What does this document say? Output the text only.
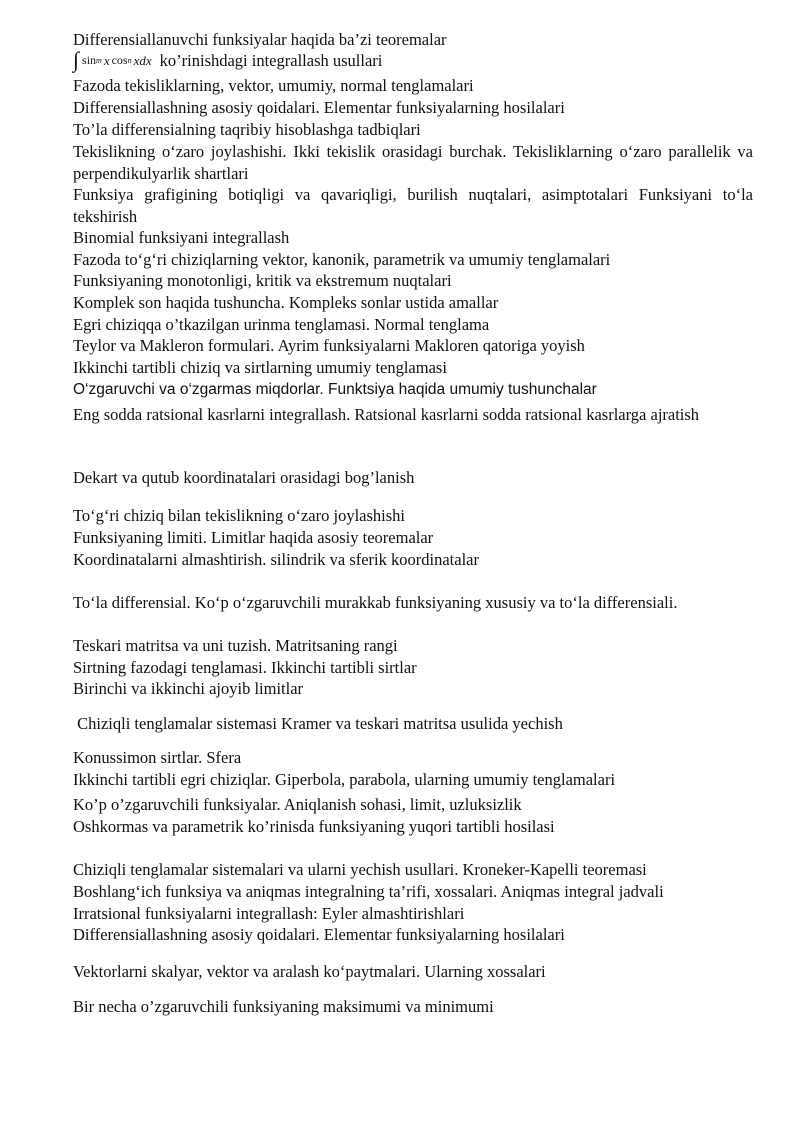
Differensiallanuvchi funksiyalar haqida ba’zi teoremalar
∫ sin m x cos n xdx ko’rinishdagi integrallash usullari
Fazoda tekisliklarning, vektor, umumiy, normal tenglamalari
Differensiallashning asosiy qoidalari. Elementar funksiyalarning hosilalari
To’la differensialning taqribiy hisoblashga tadbiqlari
Tekislikning o‘zaro joylashishi. Ikki tekislik orasidagi burchak. Tekisliklarning o‘zaro parallelik va perpendikulyarlik shartlari
Funksiya grafigining botiqligi va qavariqligi, burilish nuqtalari, asimptotalari Funksiyani to‘la tekshirish
Binomial funksiyani integrallash
Fazoda to‘g‘ri chiziqlarning vektor, kanonik, parametrik va umumiy tenglamalari
Funksiyaning monotonligi, kritik va ekstremum nuqtalari
Komplek son haqida tushuncha. Kompleks sonlar ustida amallar
Egri chiziqqa o’tkazilgan urinma tenglamasi. Normal tenglama
Teylor va Makleron formulari. Ayrim funksiyalarni Makloren qatoriga yoyish
Ikkinchi tartibli chiziq va sirtlarning umumiy tenglamasi
O‘zgaruvchi va o‘zgarmas miqdorlar. Funktsiya haqida umumiy tushunchalar
Eng sodda ratsional kasrlarni integrallash. Ratsional kasrlarni sodda ratsional kasrlarga ajratish
Dekart va qutub koordinatalari orasidagi bog’lanish
To‘g‘ri chiziq bilan tekislikning o‘zaro joylashishi
Funksiyaning limiti. Limitlar haqida asosiy teoremalar
Koordinatalarni almashtirish. silindrik va sferik koordinatalar
To‘la differensial. Ko‘p o‘zgaruvchili murakkab funksiyaning xususiy va to‘la differensiali.
Teskari matritsa va uni tuzish. Matritsaning rangi
Sirtning fazodagi tenglamasi. Ikkinchi tartibli sirtlar
Birinchi va ikkinchi ajoyib limitlar
Chiziqli tenglamalar sistemasi Kramer va teskari matritsa usulida yechish
Konussimon sirtlar. Sfera
Ikkinchi tartibli egri chiziqlar. Giperbola, parabola, ularning umumiy tenglamalari
Ko’p o’zgaruvchili funksiyalar. Aniqlanish sohasi, limit, uzluksizlik
Oshkormas va parametrik ko’rinisda funksiyaning yuqori tartibli hosilasi
Chiziqli tenglamalar sistemalari va ularni yechish usullari. Kroneker-Kapelli teoremasi
Boshlang‘ich funksiya va aniqmas integralning ta’rifi, xossalari. Aniqmas integral jadvali
Irratsional funksiyalarni integrallash: Eyler almashtirishlari
Differensiallashning asosiy qoidalari. Elementar funksiyalarning hosilalari
Vektorlarni skalyar, vektor va aralash ko‘paytmalari. Ularning xossalari
Bir necha o’zgaruvchili funksiyaning maksimumi va minimumi
